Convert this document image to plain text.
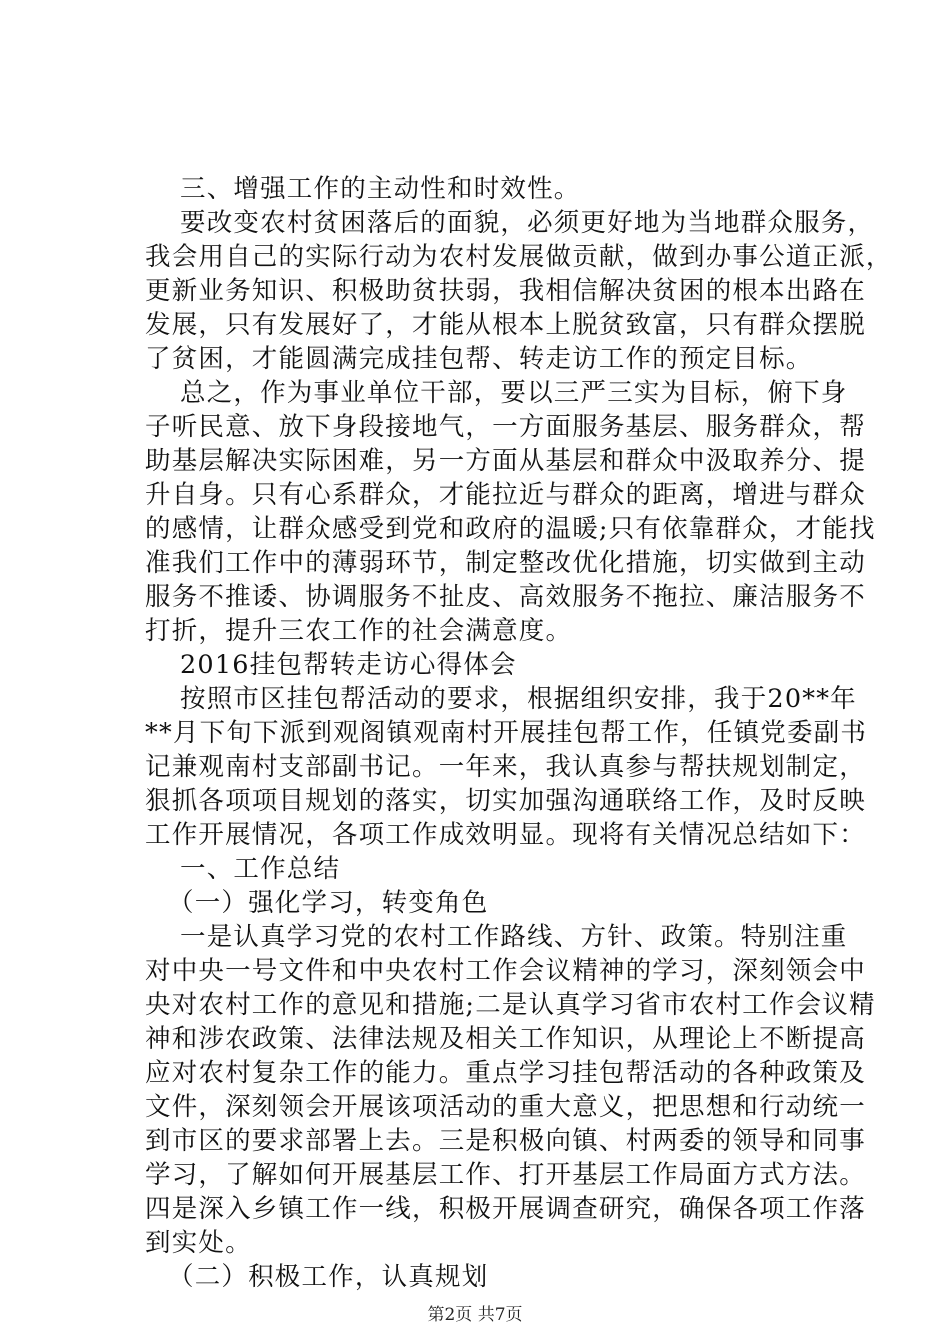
三、增强工作的主动性和时效性。
要改变农村贫困落后的面貌，必须更好地为当地群众服务，
我会用自己的实际行动为农村发展做贡献，做到办事公道正派，
更新业务知识、积极助贫扶弱，我相信解决贫困的根本出路在
发展，只有发展好了，才能从根本上脱贫致富，只有群众摆脱
了贫困，才能圆满完成挂包帮、转走访工作的预定目标。
总之，作为事业单位干部，要以三严三实为目标，俯下身
子听民意、放下身段接地气，一方面服务基层、服务群众，帮
助基层解决实际困难，另一方面从基层和群众中汲取养分、提
升自身。只有心系群众，才能拉近与群众的距离，增进与群众
的感情，让群众感受到党和政府的温暖;只有依靠群众，才能找
准我们工作中的薄弱环节，制定整改优化措施，切实做到主动
服务不推诿、协调服务不扯皮、高效服务不拖拉、廉洁服务不
打折，提升三农工作的社会满意度。
2016挂包帮转走访心得体会
按照市区挂包帮活动的要求，根据组织安排，我于20**年
**月下旬下派到观阁镇观南村开展挂包帮工作，任镇党委副书
记兼观南村支部副书记。一年来，我认真参与帮扶规划制定，
狠抓各项项目规划的落实，切实加强沟通联络工作，及时反映
工作开展情况，各项工作成效明显。现将有关情况总结如下：
一、工作总结
（一）强化学习，转变角色
一是认真学习党的农村工作路线、方针、政策。特别注重
对中央一号文件和中央农村工作会议精神的学习，深刻领会中
央对农村工作的意见和措施;二是认真学习省市农村工作会议精
神和涉农政策、法律法规及相关工作知识，从理论上不断提高
应对农村复杂工作的能力。重点学习挂包帮活动的各种政策及
文件，深刻领会开展该项活动的重大意义，把思想和行动统一
到市区的要求部署上去。三是积极向镇、村两委的领导和同事
学习，了解如何开展基层工作、打开基层工作局面方式方法。
四是深入乡镇工作一线，积极开展调查研究，确保各项工作落
到实处。
（二）积极工作，认真规划
第2页 共7页
